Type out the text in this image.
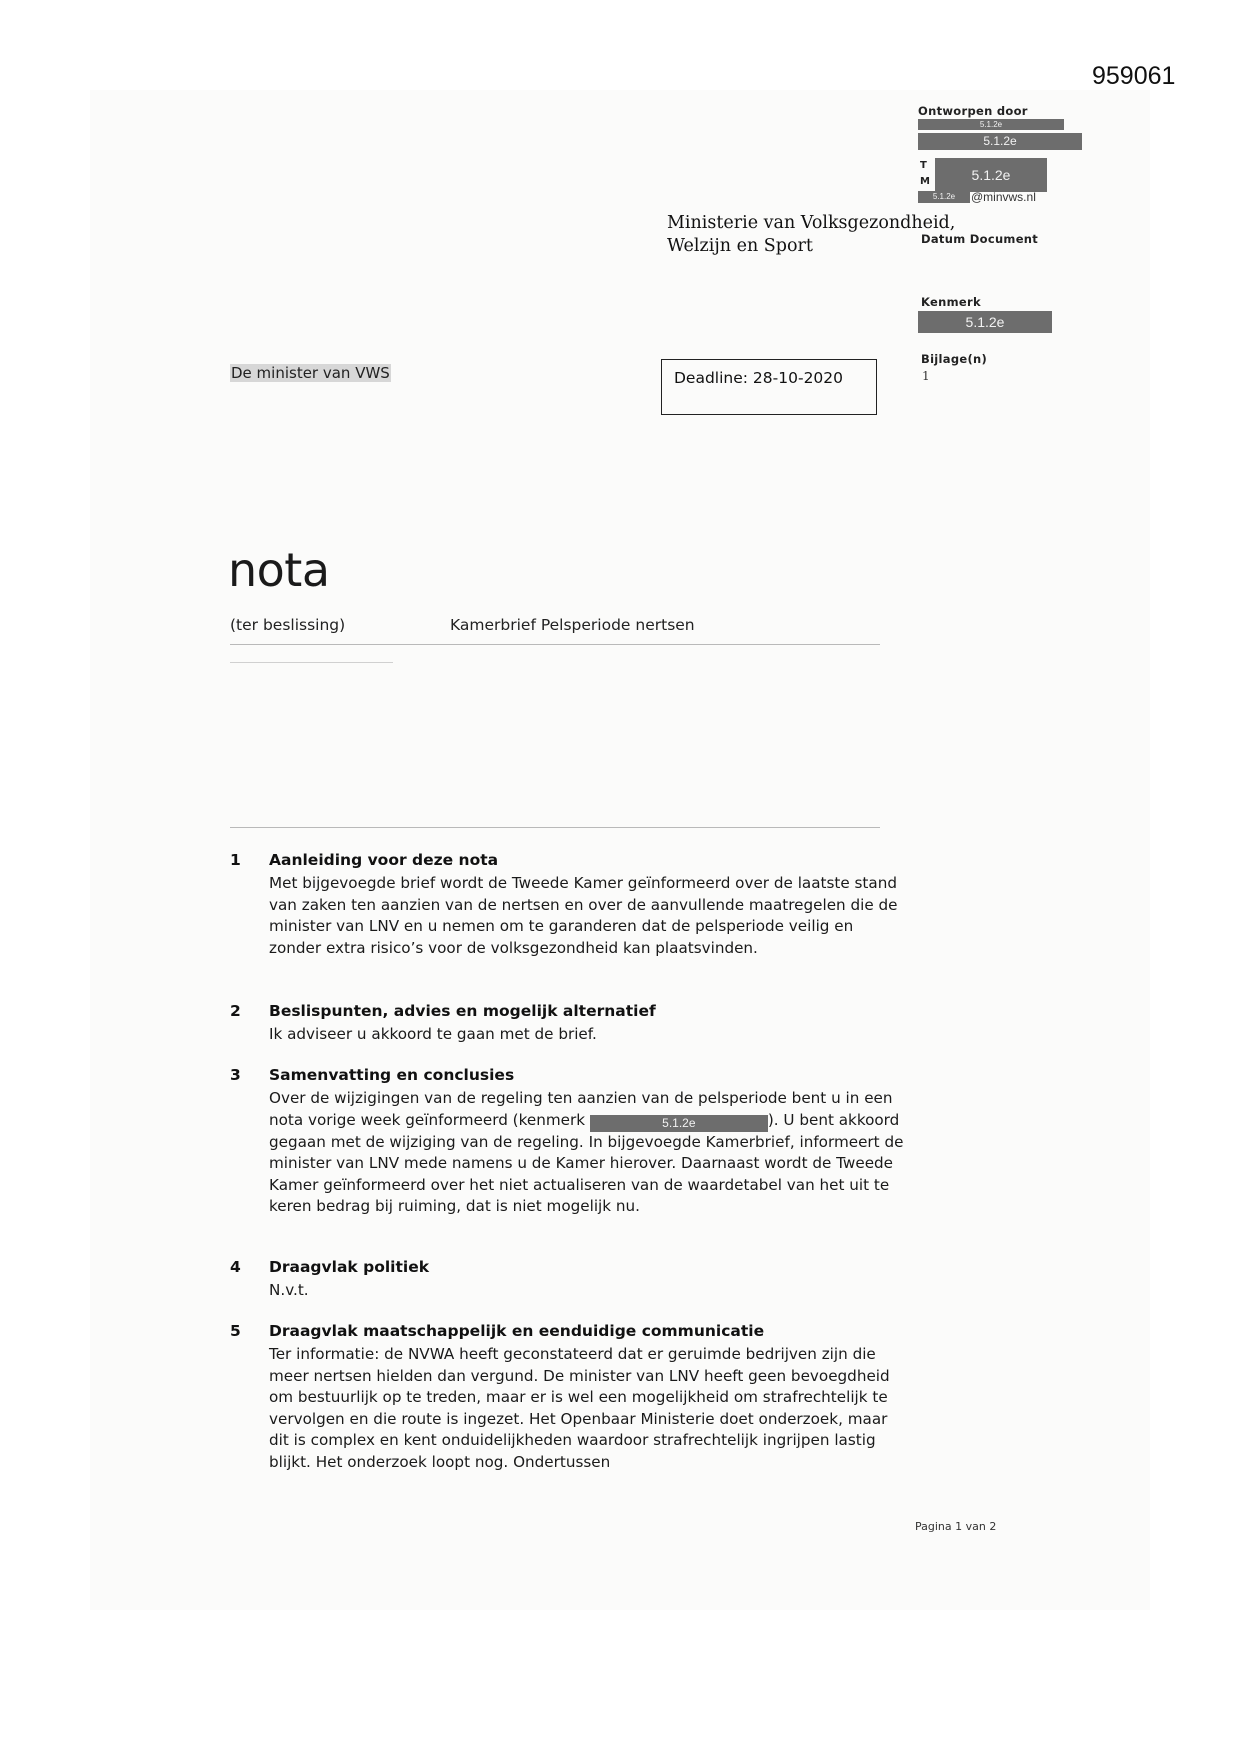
959061
Ontworpen door
5.1.2e
5.1.2e
T
M	5.1.2e
5.1.2e	@minvws.nl
Ministerie van Volksgezondheid,
Welzijn en Sport	Datum Document
Kenmerk
5.1.2e
Bijlage(n)
1
De minister van VWS	Deadline: 28-10-2020
nota
(ter beslissing)	Kamerbrief Pelsperiode nertsen
1 Aanleiding voor deze nota
Met bijgevoegde brief wordt de Tweede Kamer geïnformeerd over de laatste stand van zaken ten aanzien van de nertsen en over de aanvullende maatregelen die de minister van LNV en u nemen om te garanderen dat de pelsperiode veilig en zonder extra risico’s voor de volksgezondheid kan plaatsvinden.
2 Beslispunten, advies en mogelijk alternatief
Ik adviseer u akkoord te gaan met de brief.
3 Samenvatting en conclusies
Over de wijzigingen van de regeling ten aanzien van de pelsperiode bent u in een nota vorige week geïnformeerd (kenmerk	5.1.2e	). U bent akkoord gegaan met de wijziging van de regeling. In bijgevoegde Kamerbrief, informeert de minister van LNV mede namens u de Kamer hierover. Daarnaast wordt de Tweede Kamer geïnformeerd over het niet actualiseren van de waardetabel van het uit te keren bedrag bij ruiming, dat is niet mogelijk nu.
4 Draagvlak politiek
N.v.t.
5 Draagvlak maatschappelijk en eenduidige communicatie
Ter informatie: de NVWA heeft geconstateerd dat er geruimde bedrijven zijn die meer nertsen hielden dan vergund. De minister van LNV heeft geen bevoegdheid om bestuurlijk op te treden, maar er is wel een mogelijkheid om strafrechtelijk te vervolgen en die route is ingezet. Het Openbaar Ministerie doet onderzoek, maar dit is complex en kent onduidelijkheden waardoor strafrechtelijk ingrijpen lastig blijkt. Het onderzoek loopt nog. Ondertussen
Pagina 1 van 2
